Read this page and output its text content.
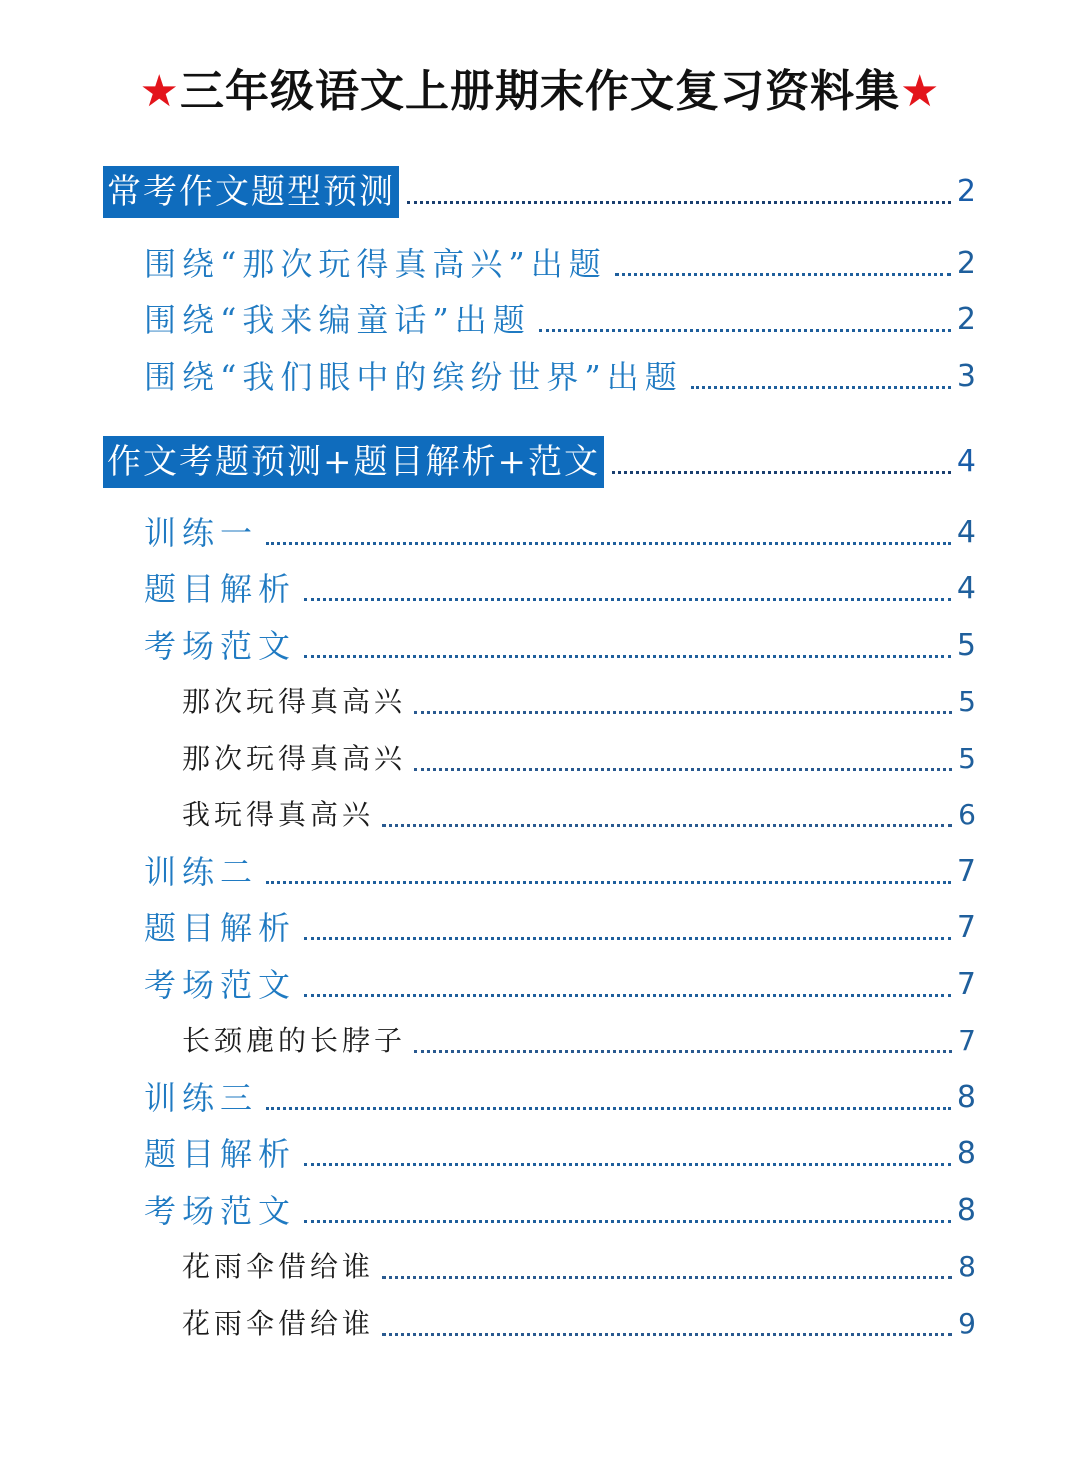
★三年级语文上册期末作文复习资料集★
常考作文题型预测	2
围绕“那次玩得真高兴”出题	2
围绕“我来编童话”出题	2
围绕“我们眼中的缤纷世界”出题	3
作文考题预测+题目解析+范文	4
训练一	4
题目解析	4
考场范文	5
那次玩得真高兴	5
那次玩得真高兴	5
我玩得真高兴	6
训练二	7
题目解析	7
考场范文	7
长颈鹿的长脖子	7
训练三	8
题目解析	8
考场范文	8
花雨伞借给谁	8
花雨伞借给谁	9
